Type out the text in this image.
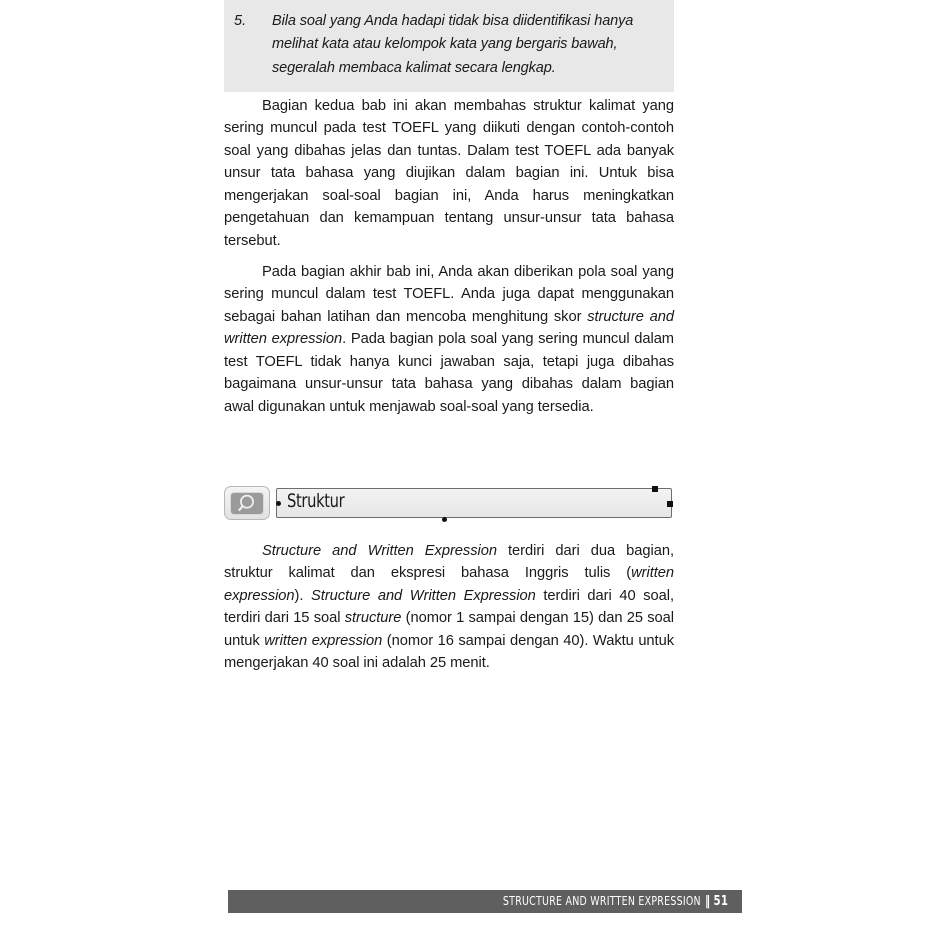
5.	Bila soal yang Anda hadapi tidak bisa diidentifikasi hanya melihat kata atau kelompok kata yang bergaris bawah, segeralah membaca kalimat secara lengkap.

Bagian kedua bab ini akan membahas struktur kalimat yang sering muncul pada test TOEFL yang diikuti dengan contoh-contoh soal yang dibahas jelas dan tuntas. Dalam test TOEFL ada banyak unsur tata bahasa yang diujikan dalam bagian ini. Untuk bisa mengerjakan soal-soal bagian ini, Anda harus meningkatkan pengetahuan dan kemampuan tentang unsur-unsur tata bahasa tersebut.

Pada bagian akhir bab ini, Anda akan diberikan pola soal yang sering muncul dalam test TOEFL. Anda juga dapat menggunakan sebagai bahan latihan dan mencoba menghitung skor structure and written expression. Pada bagian pola soal yang sering muncul dalam test TOEFL tidak hanya kunci jawaban saja, tetapi juga dibahas bagaimana unsur-unsur tata bahasa yang dibahas dalam bagian awal digunakan untuk menjawab soal-soal yang tersedia.

Struktur

Structure and Written Expression terdiri dari dua bagian, struktur kalimat dan ekspresi bahasa Inggris tulis (written expression). Structure and Written Expression terdiri dari 40 soal, terdiri dari 15 soal structure (nomor 1 sampai dengan 15) dan 25 soal untuk written expression (nomor 16 sampai dengan 40). Waktu untuk mengerjakan 40 soal ini adalah 25 menit.

STRUCTURE AND WRITTEN EXPRESSION ‖ 51
